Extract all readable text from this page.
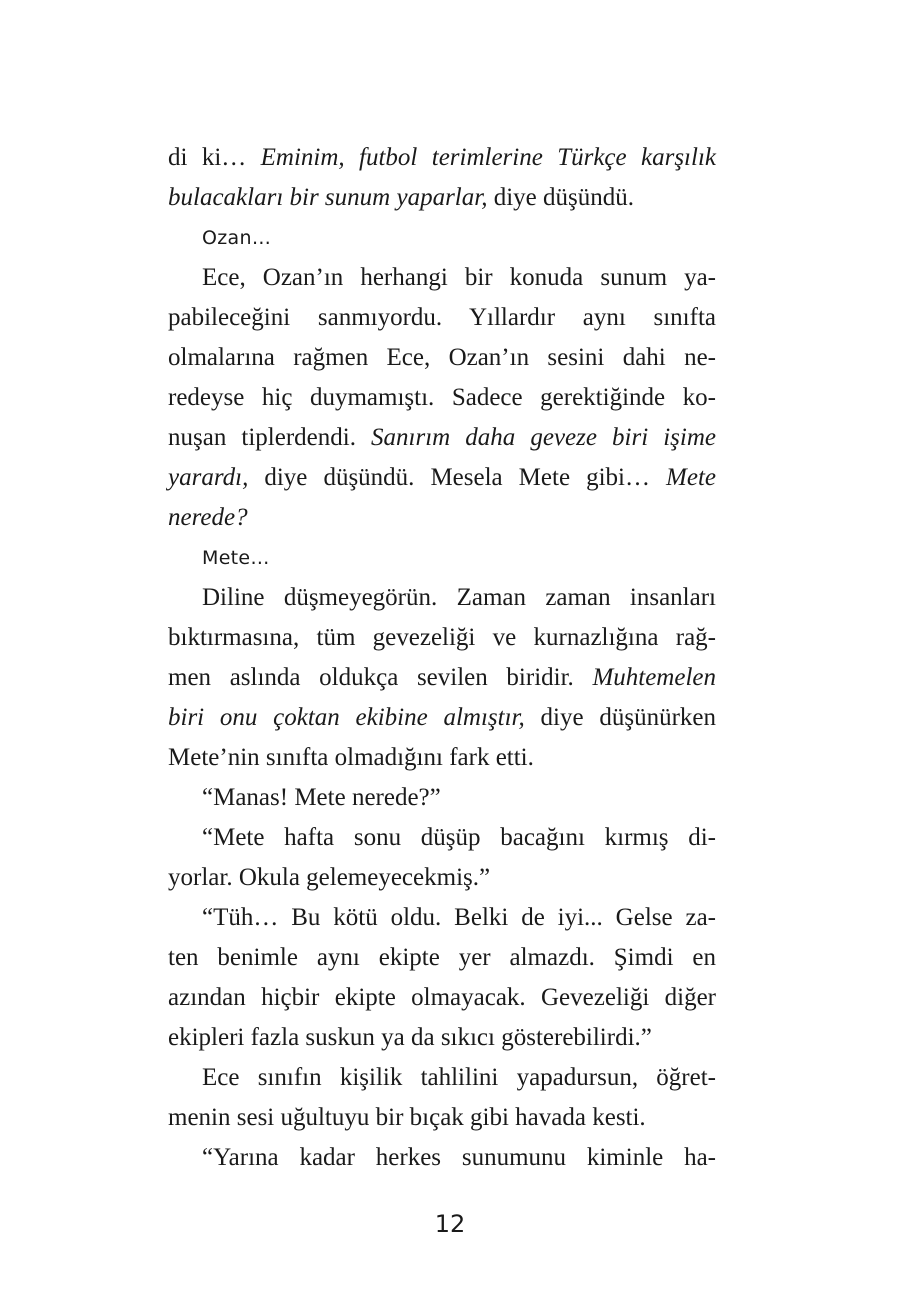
di ki… Eminim, futbol terimlerine Türkçe karşılık
bulacakları bir sunum yaparlar, diye düşündü.
Ozan…
Ece, Ozan’ın herhangi bir konuda sunum ya-
pabileceğini sanmıyordu. Yıllardır aynı sınıfta
olmalarına rağmen Ece, Ozan’ın sesini dahi ne-
redeyse hiç duymamıştı. Sadece gerektiğinde ko-
nuşan tiplerdendi. Sanırım daha geveze biri işime
yarardı, diye düşündü. Mesela Mete gibi… Mete
nerede?
Mete…
Diline düşmeyegörün. Zaman zaman insanları
bıktırmasına, tüm gevezeliği ve kurnazlığına rağ-
men aslında oldukça sevilen biridir. Muhtemelen
biri onu çoktan ekibine almıştır, diye düşünürken
Mete’nin sınıfta olmadığını fark etti.
“Manas! Mete nerede?”
“Mete hafta sonu düşüp bacağını kırmış di-
yorlar. Okula gelemeyecekmiş.”
“Tüh… Bu kötü oldu. Belki de iyi... Gelse za-
ten benimle aynı ekipte yer almazdı. Şimdi en
azından hiçbir ekipte olmayacak. Gevezeliği diğer
ekipleri fazla suskun ya da sıkıcı gösterebilirdi.”
Ece sınıfın kişilik tahlilini yapadursun, öğret-
menin sesi uğultuyu bir bıçak gibi havada kesti.
“Yarına kadar herkes sunumunu kiminle ha-
12
